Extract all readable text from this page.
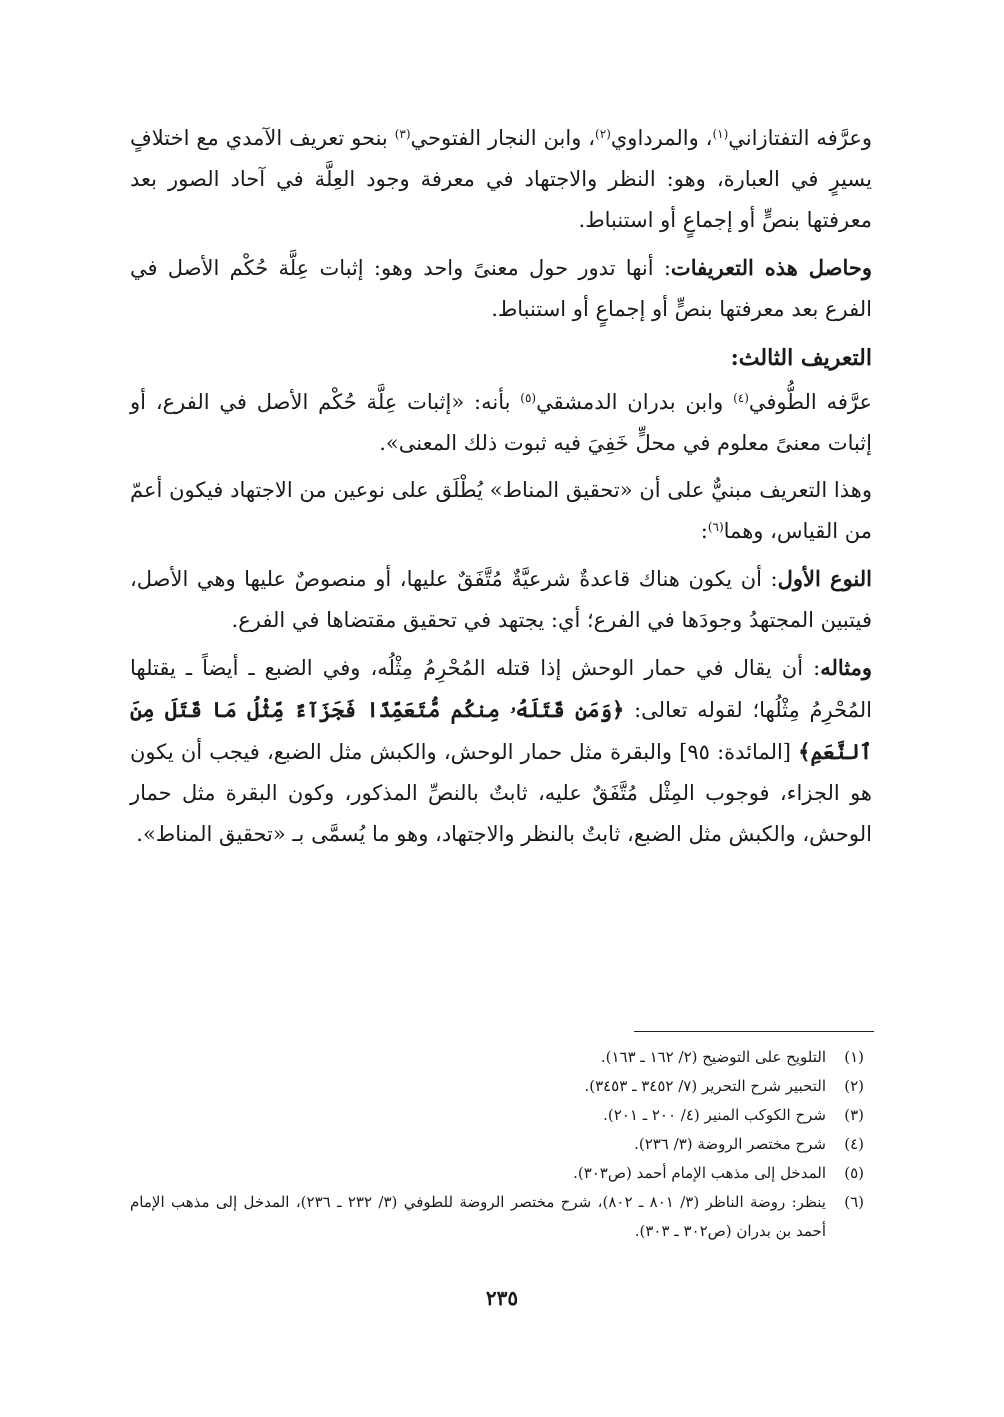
وعرَّفه التفتازاني$^{(١)}$، والمرداوي$^{(٢)}$، وابن النجار الفتوحي$^{(٣)}$ بنحو تعريف الآمدي مع اختلافٍ يسيرٍ في العبارة، وهو: النظر والاجتهاد في معرفة وجود العِلَّة في آحاد الصور بعد معرفتها بنصٍّ أو إجماعٍ أو استنباط.

وحاصل هذه التعريفات: أنها تدور حول معنىً واحد وهو: إثبات عِلَّة حُكْم الأصل في الفرع بعد معرفتها بنصٍّ أو إجماعٍ أو استنباط.

التعريف الثالث:

عرَّفه الطُّوفي$^{(٤)}$ وابن بدران الدمشقي$^{(٥)}$ بأنه: «إثبات عِلَّة حُكْم الأصل في الفرع، أو إثبات معنىً معلوم في محلٍّ خَفِيَ فيه ثبوت ذلك المعنى».

وهذا التعريف مبنيٌّ على أن «تحقيق المناط» يُطْلَق على نوعين من الاجتهاد فيكون أعمّ من القياس، وهما$^{(٦)}$:

النوع الأول: أن يكون هناك قاعدةٌ شرعيَّةٌ مُتَّفَقٌ عليها، أو منصوصٌ عليها وهي الأصل، فيتبين المجتهدُ وجودَها في الفرع؛ أي: يجتهد في تحقيق مقتضاها في الفرع.

ومثاله: أن يقال في حمار الوحش إذا قتله المُحْرِمُ مِثْلُه، وفي الضبع ـ أيضاً ـ يقتلها المُحْرِمُ مِثْلُها؛ لقوله تعالى: ﴿وَمَن قَتَلَهُۥ مِنكُم مُّتَعَمِّدًا فَجَزَآءٌ مِّثْلُ مَا قَتَلَ مِنَ ٱلنَّعَمِ﴾ [المائدة: ٩٥] والبقرة مثل حمار الوحش، والكبش مثل الضبع، فيجب أن يكون هو الجزاء، فوجوب المِثْل مُتَّفَقٌ عليه، ثابتٌ بالنصِّ المذكور، وكون البقرة مثل حمار الوحش، والكبش مثل الضبع، ثابتٌ بالنظر والاجتهاد، وهو ما يُسمَّى بـ «تحقيق المناط».

(١)
التلويح على التوضيح (٢/ ١٦٢ ـ ١٦٣).
(٢)
التحبير شرح التحرير (٧/ ٣٤٥٢ ـ ٣٤٥٣).
(٣)
شرح الكوكب المنير (٤/ ٢٠٠ ـ ٢٠١).
(٤)
شرح مختصر الروضة (٣/ ٢٣٦).
(٥)
المدخل إلى مذهب الإمام أحمد (ص٣٠٣).
(٦)
ينظر: روضة الناظر (٣/ ٨٠١ ـ ٨٠٢)، شرح مختصر الروضة للطوفي (٣/ ٢٣٢ ـ ٢٣٦)، المدخل إلى مذهب الإمام أحمد بن بدران (ص٣٠٢ ـ ٣٠٣).
٢٣٥
